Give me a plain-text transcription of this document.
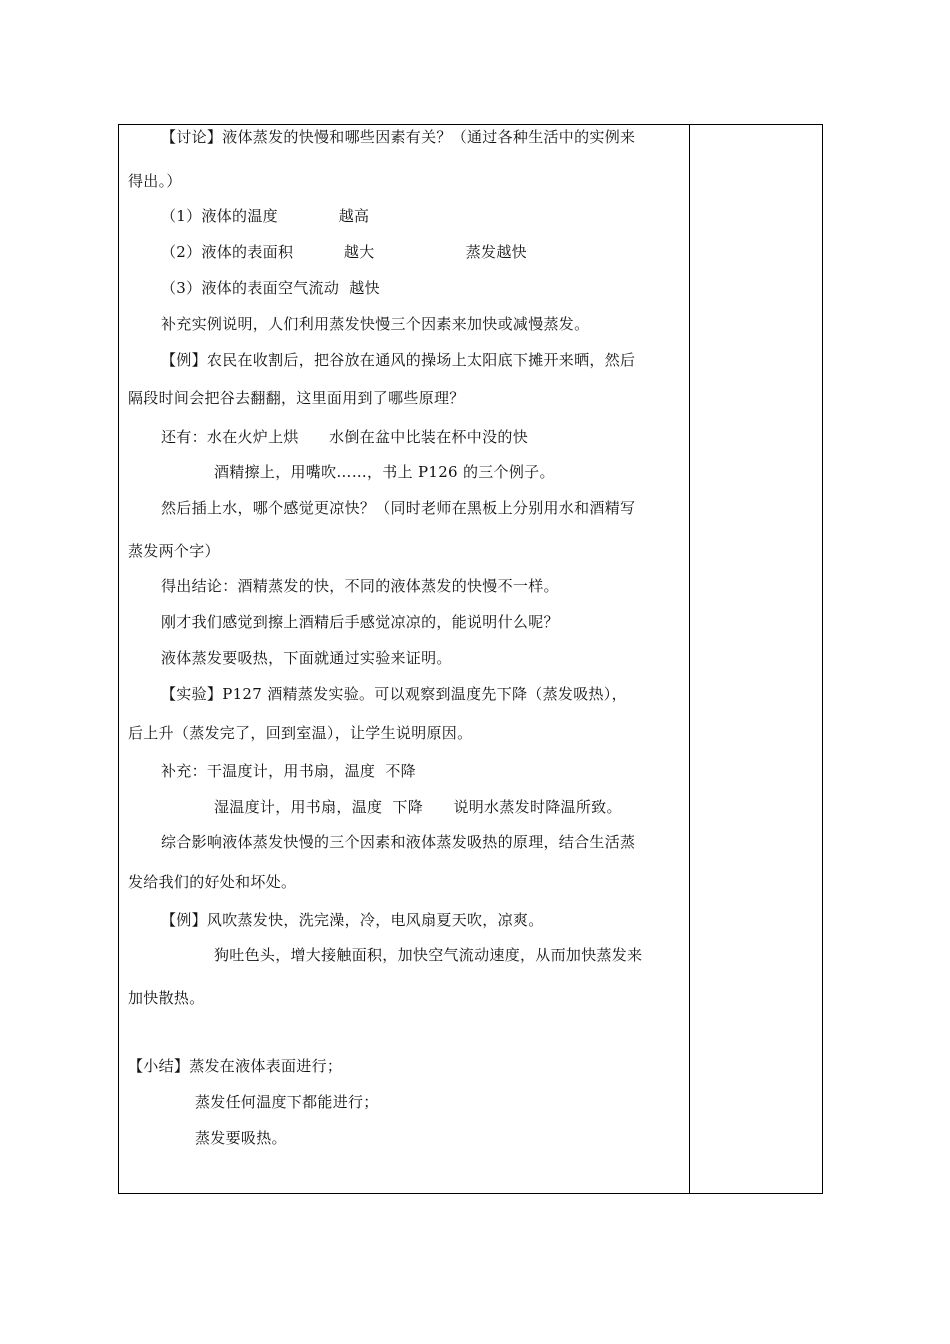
【讨论】液体蒸发的快慢和哪些因素有关？（通过各种生活中的实例来
得出。）
（1）液体的温度            越高
（2）液体的表面积          越大                  蒸发越快
（3）液体的表面空气流动  越快
补充实例说明，人们利用蒸发快慢三个因素来加快或减慢蒸发。
【例】农民在收割后，把谷放在通风的操场上太阳底下摊开来晒，然后
隔段时间会把谷去翻翻，这里面用到了哪些原理？
还有：水在火炉上烘      水倒在盆中比装在杯中没的快
酒精擦上，用嘴吹……，书上 P126 的三个例子。
然后插上水，哪个感觉更凉快？（同时老师在黑板上分别用水和酒精写
蒸发两个字）
得出结论：酒精蒸发的快，不同的液体蒸发的快慢不一样。
刚才我们感觉到擦上酒精后手感觉凉凉的，能说明什么呢？
液体蒸发要吸热，下面就通过实验来证明。
【实验】P127 酒精蒸发实验。可以观察到温度先下降（蒸发吸热），
后上升（蒸发完了，回到室温），让学生说明原因。
补充：干温度计，用书扇，温度  不降
湿温度计，用书扇，温度  下降      说明水蒸发时降温所致。
综合影响液体蒸发快慢的三个因素和液体蒸发吸热的原理，结合生活蒸
发给我们的好处和坏处。
【例】风吹蒸发快，洗完澡，冷，电风扇夏天吹，凉爽。
狗吐色头，增大接触面积，加快空气流动速度，从而加快蒸发来
加快散热。
【小结】蒸发在液体表面进行；
蒸发任何温度下都能进行；
蒸发要吸热。
